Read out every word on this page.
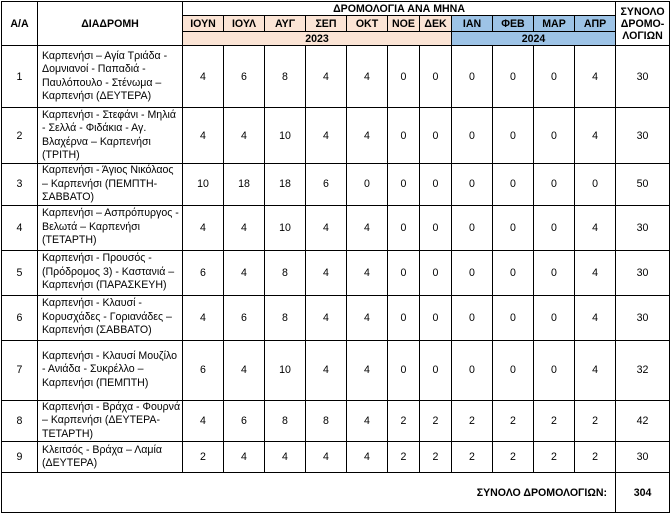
Α/Α	ΔΙΑΔΡΟΜΗ	ΔΡΟΜΟΛΟΓΙΑ ΑΝΑ ΜΗΝΑ											ΣΥΝΟΛΟ ΔΡΟΜΟ-ΛΟΓΙΩΝ
		ΙΟΥΝ	ΙΟΥΛ	ΑΥΓ	ΣΕΠ	ΟΚΤ	ΝΟΕ	ΔΕΚ	ΙΑΝ	ΦΕΒ	ΜΑΡ	ΑΠΡ	
		2023							2024				
1	Καρπενήσι – Αγία Τριάδα - Δομνιανοί - Παπαδιά - Παυλόπουλο - Στένωμα – Καρπενήσι (ΔΕΥΤΕΡΑ)	4	6	8	4	4	0	0	0	0	0	4	30
2	Καρπενήσι - Στεφάνι - Μηλιά - Σελλά - Φιδάκια - Αγ. Βλαχέρνα – Καρπενήσι (ΤΡΙΤΗ)	4	4	10	4	4	0	0	0	0	0	4	30
3	Καρπενήσι - Άγιος Νικόλαος – Καρπενήσι (ΠΕΜΠΤΗ-ΣΑΒΒΑΤΟ)	10	18	18	6	0	0	0	0	0	0	0	50
4	Καρπενήσι – Ασπρόπυργος - Βελωτά – Καρπενήσι (ΤΕΤΑΡΤΗ)	4	4	10	4	4	0	0	0	0	0	4	30
5	Καρπενήσι - Προυσός - (Πρόδρομος 3) - Καστανιά – Καρπενήσι (ΠΑΡΑΣΚΕΥΗ)	6	4	8	4	4	0	0	0	0	0	4	30
6	Καρπενήσι - Κλαυσί - Κορυσχάδες - Γοριανάδες – Καρπενήσι (ΣΑΒΒΑΤΟ)	4	6	8	4	4	0	0	0	0	0	4	30
7	Καρπενήσι - Κλαυσί Μουζίλο - Ανιάδα - Συκρέλλο – Καρπενήσι (ΠΕΜΠΤΗ)	6	4	10	4	4	0	0	0	0	0	4	32
8	Καρπενήσι - Βράχα - Φουρνά – Καρπενήσι (ΔΕΥΤΕΡΑ-ΤΕΤΑΡΤΗ)	4	6	8	8	4	2	2	2	2	2	2	42
9	Κλειτσός - Βράχα – Λαμία (ΔΕΥΤΕΡΑ)	2	4	4	4	4	2	2	2	2	2	2	30
ΣΥΝΟΛΟ ΔΡΟΜΟΛΟΓΙΩΝ:													304
